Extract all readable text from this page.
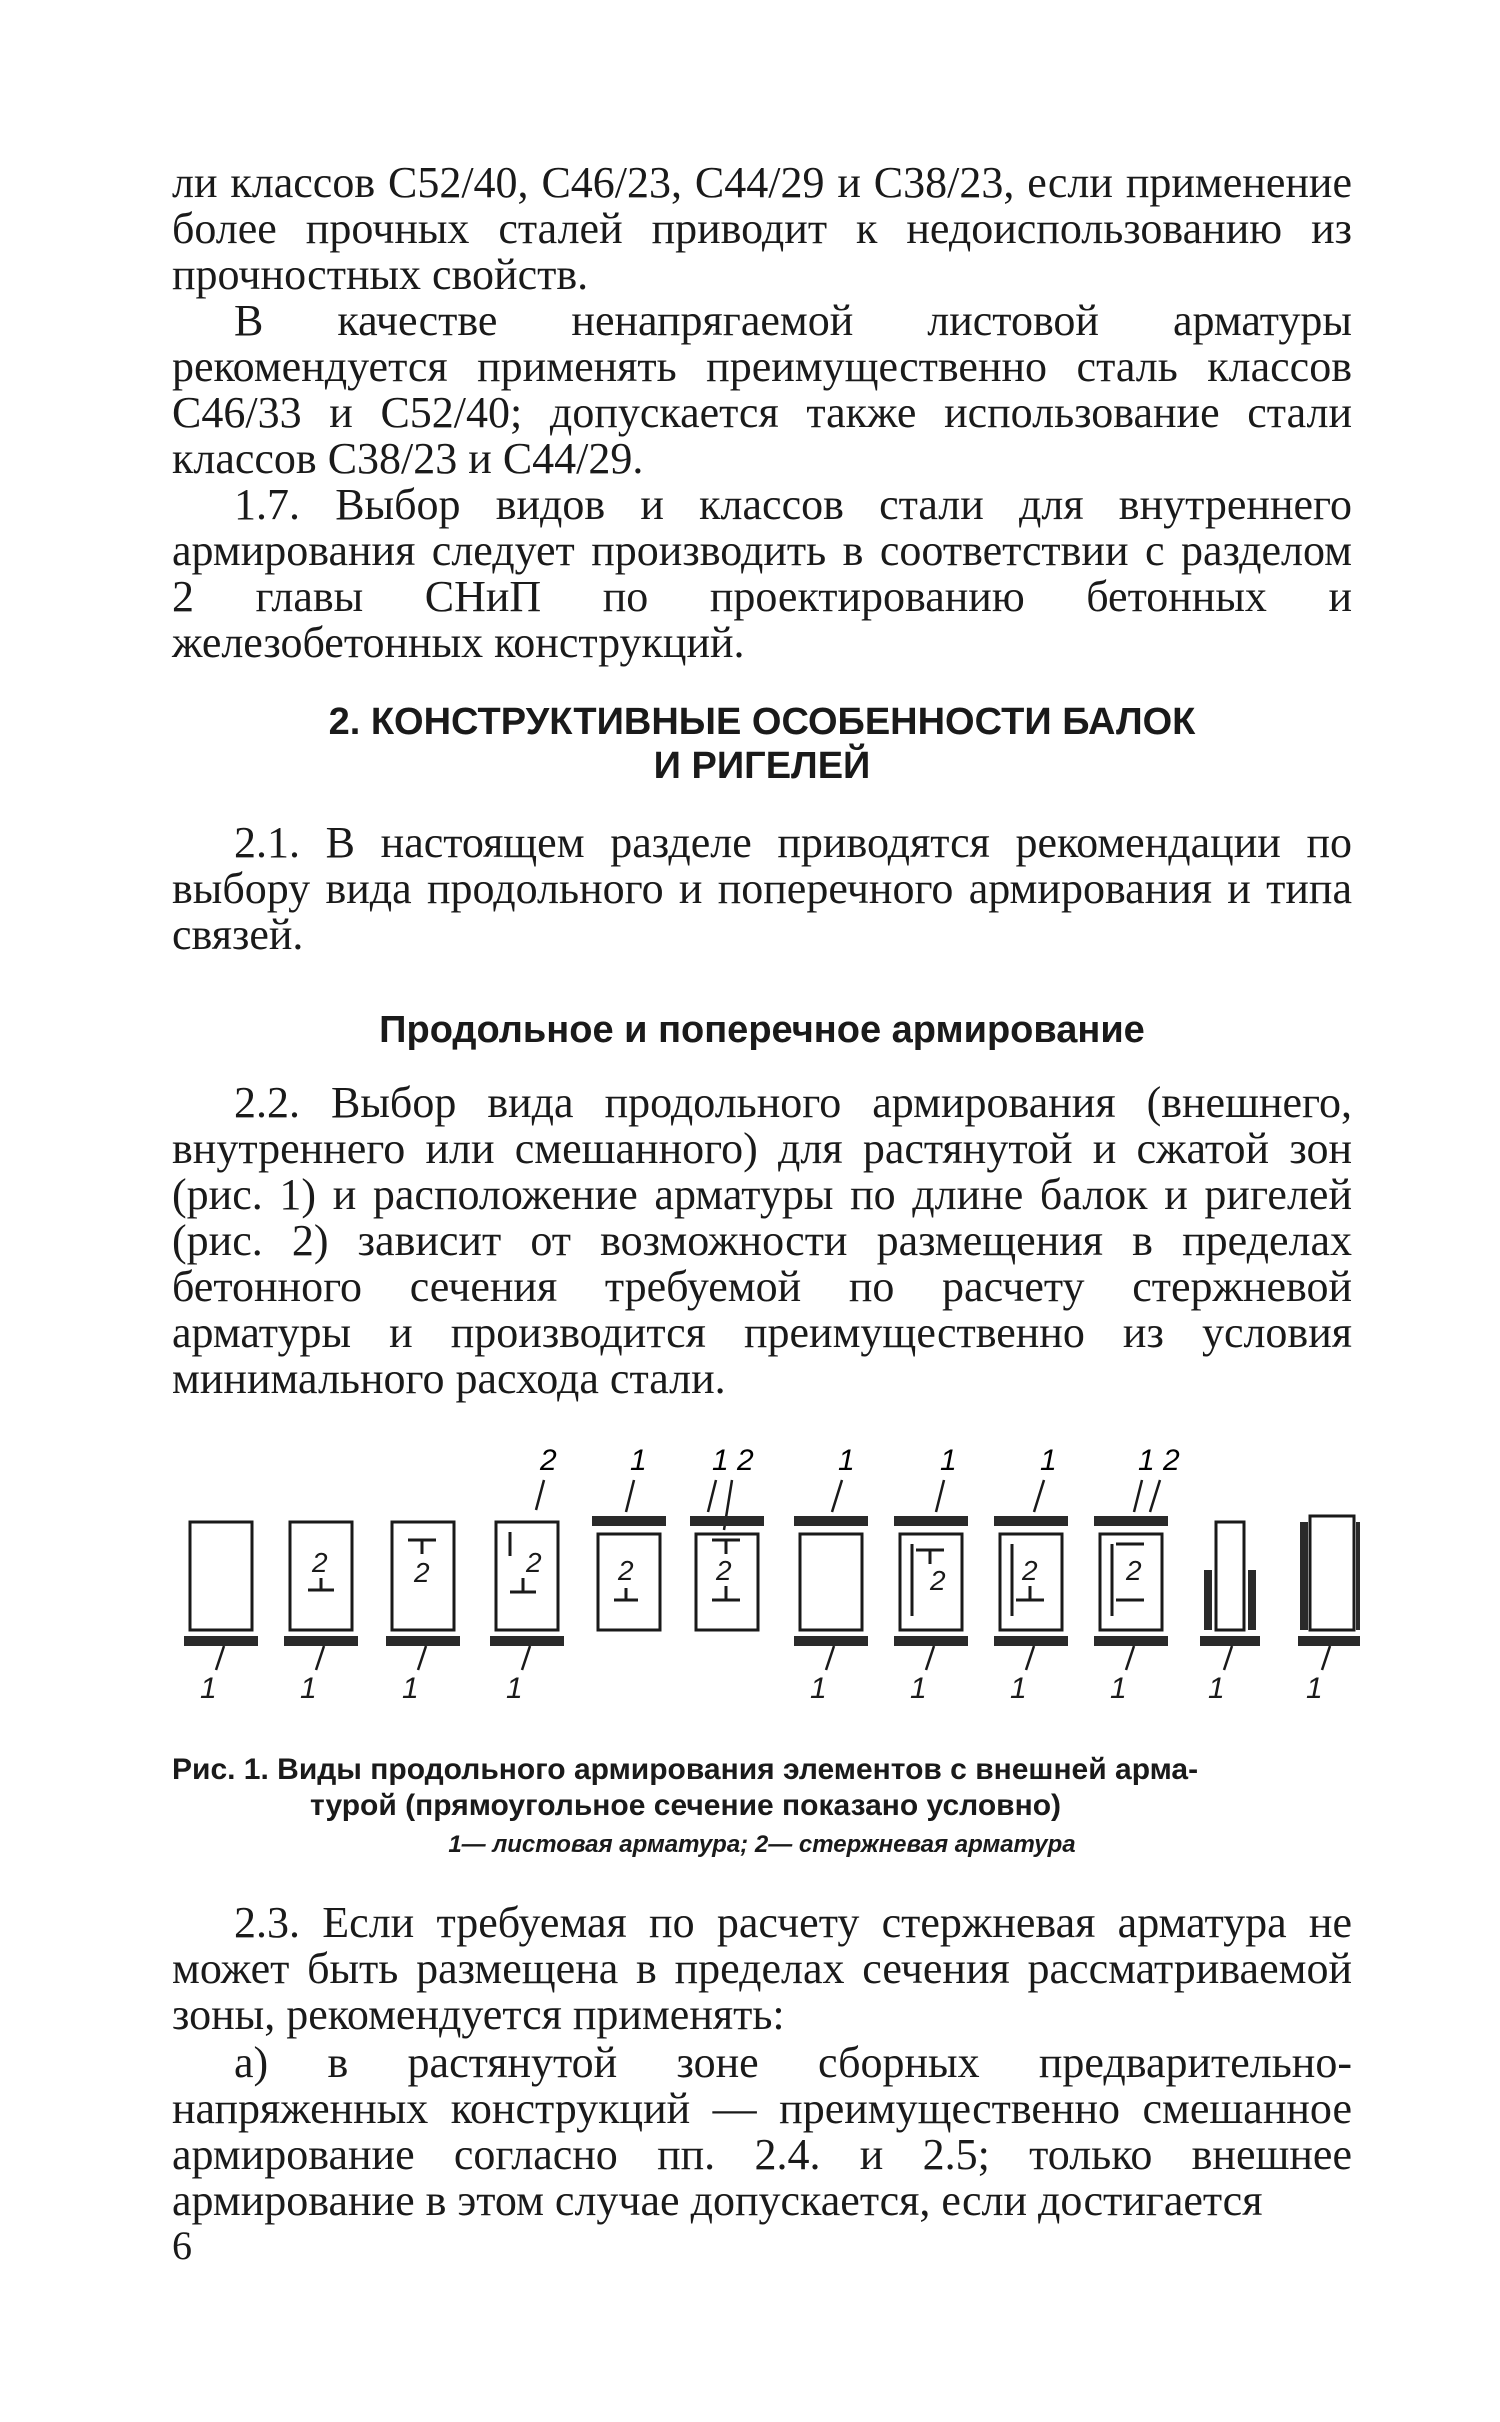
ли классов С52/40, С46/23, С44/29 и С38/23, если применение более прочных сталей приводит к недоиспользованию из прочностных свойств.

В качестве ненапрягаемой листовой арматуры рекомендуется применять преимущественно сталь классов С46/33 и С52/40; допускается также использование стали классов С38/23 и С44/29.

1.7. Выбор видов и классов стали для внутреннего армирования следует производить в соответствии с разделом 2 главы СНиП по проектированию бетонных и железобетонных конструкций.

2. КОНСТРУКТИВНЫЕ ОСОБЕННОСТИ БАЛОК

И РИГЕЛЕЙ

2.1. В настоящем разделе приводятся рекомендации по выбору вида продольного и поперечного армирования и типа связей.

Продольное и поперечное армирование

2.2. Выбор вида продольного армирования (внешнего, внутреннего или смешанного) для растянутой и сжатой зон (рис. 1) и расположение арматуры по длине балок и ригелей (рис. 2) зависит от возможности размещения в пределах бетонного сечения требуемой по расчету стержневой арматуры и производится преимущественно из условия минимального расхода стали.

2 1 1 2	1	1	1	1 2
2	2	2	2	2	2	2	2
1	1	1	1	1	1	1	1	1	1

Рис. 1. Виды продольного армирования элементов с внешней арма-
турой (прямоугольное сечение показано условно)

1— листовая арматура; 2— стержневая арматура

2.3. Если требуемая по расчету стержневая арматура не может быть размещена в пределах сечения рассматриваемой зоны, рекомендуется применять:

а) в растянутой зоне сборных предварительно-напряженных конструкций — преимущественно смешанное армирование согласно пп. 2.4. и 2.5; только внешнее армирование в этом случае допускается, если достигается

6
